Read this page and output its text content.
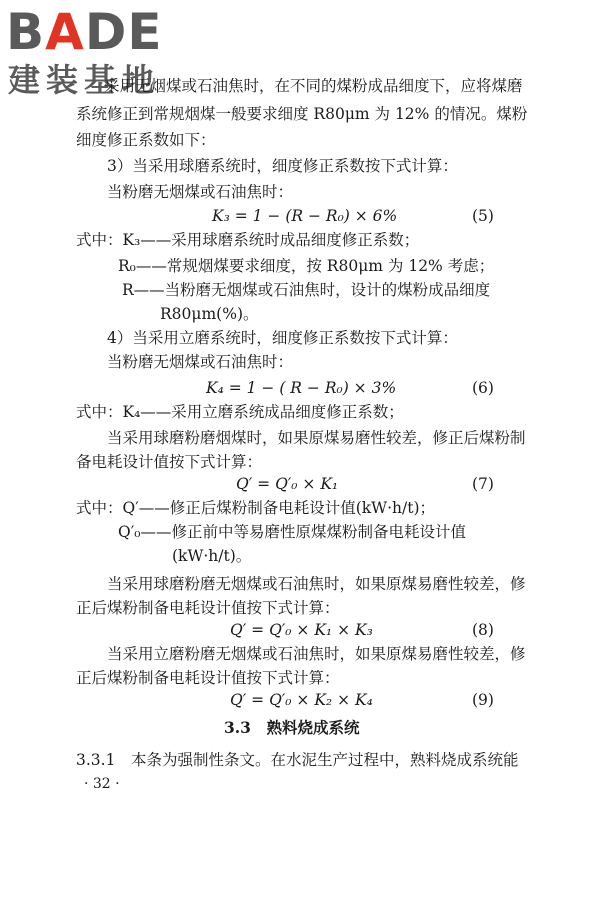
BADE
建装基地
采用无烟煤或石油焦时，在不同的煤粉成品细度下，应将煤磨
系统修正到常规烟煤一般要求细度 R80μm 为 12% 的情况。煤粉
细度修正系数如下：
3）当采用球磨系统时，细度修正系数按下式计算：
当粉磨无烟煤或石油焦时：
K₃ = 1 − (R − R₀) × 6%	(5)
式中：K₃——采用球磨系统时成品细度修正系数；
R₀——常规烟煤要求细度，按 R80μm 为 12% 考虑；
R——当粉磨无烟煤或石油焦时，设计的煤粉成品细度
R80μm(%)。
4）当采用立磨系统时，细度修正系数按下式计算：
当粉磨无烟煤或石油焦时：
K₄ = 1 − ( R − R₀) × 3%	(6)
式中：K₄——采用立磨系统成品细度修正系数；
当采用球磨粉磨烟煤时，如果原煤易磨性较差，修正后煤粉制
备电耗设计值按下式计算：
Q′ = Q′₀ × K₁	(7)
式中：Q′——修正后煤粉制备电耗设计值(kW·h/t)；
Q′₀——修正前中等易磨性原煤煤粉制备电耗设计值
(kW·h/t)。
当采用球磨粉磨无烟煤或石油焦时，如果原煤易磨性较差，修
正后煤粉制备电耗设计值按下式计算：
Q′ = Q′₀ × K₁ × K₃	(8)
当采用立磨粉磨无烟煤或石油焦时，如果原煤易磨性较差，修
正后煤粉制备电耗设计值按下式计算：
Q′ = Q′₀ × K₂ × K₄	(9)
3.3　熟料烧成系统
3.3.1　本条为强制性条文。在水泥生产过程中，熟料烧成系统能
· 32 ·
